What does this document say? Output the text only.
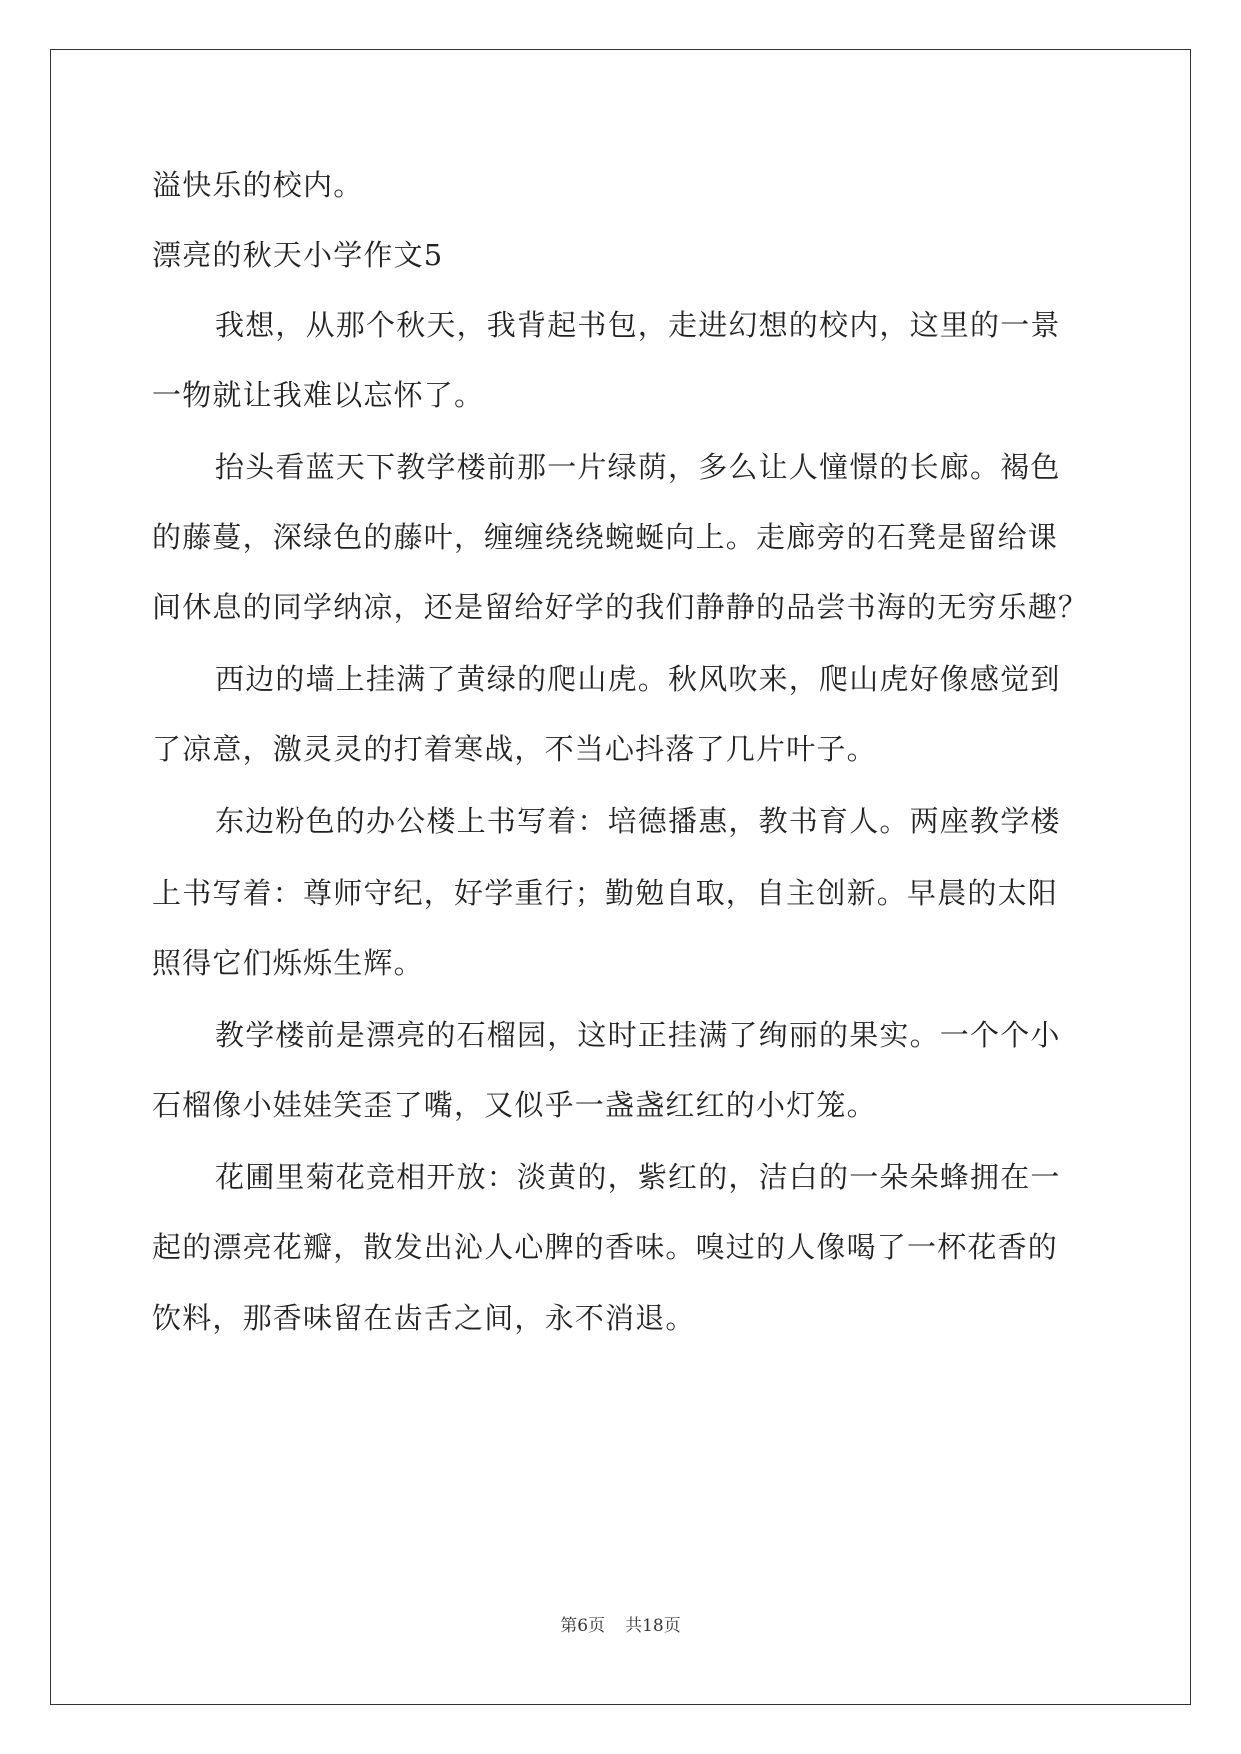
溢快乐的校内。
漂亮的秋天小学作文5
我想，从那个秋天，我背起书包，走进幻想的校内，这里的一景
一物就让我难以忘怀了。
抬头看蓝天下教学楼前那一片绿荫，多么让人憧憬的长廊。褐色
的藤蔓，深绿色的藤叶，缠缠绕绕蜿蜒向上。走廊旁的石凳是留给课
间休息的同学纳凉，还是留给好学的我们静静的品尝书海的无穷乐趣？
西边的墙上挂满了黄绿的爬山虎。秋风吹来，爬山虎好像感觉到
了凉意，激灵灵的打着寒战，不当心抖落了几片叶子。
东边粉色的办公楼上书写着：培德播惠，教书育人。两座教学楼
上书写着：尊师守纪，好学重行；勤勉自取，自主创新。早晨的太阳
照得它们烁烁生辉。
教学楼前是漂亮的石榴园，这时正挂满了绚丽的果实。一个个小
石榴像小娃娃笑歪了嘴，又似乎一盏盏红红的小灯笼。
花圃里菊花竞相开放：淡黄的，紫红的，洁白的一朵朵蜂拥在一
起的漂亮花瓣，散发出沁人心脾的香味。嗅过的人像喝了一杯花香的
饮料，那香味留在齿舌之间，永不消退。
第6页 共18页
